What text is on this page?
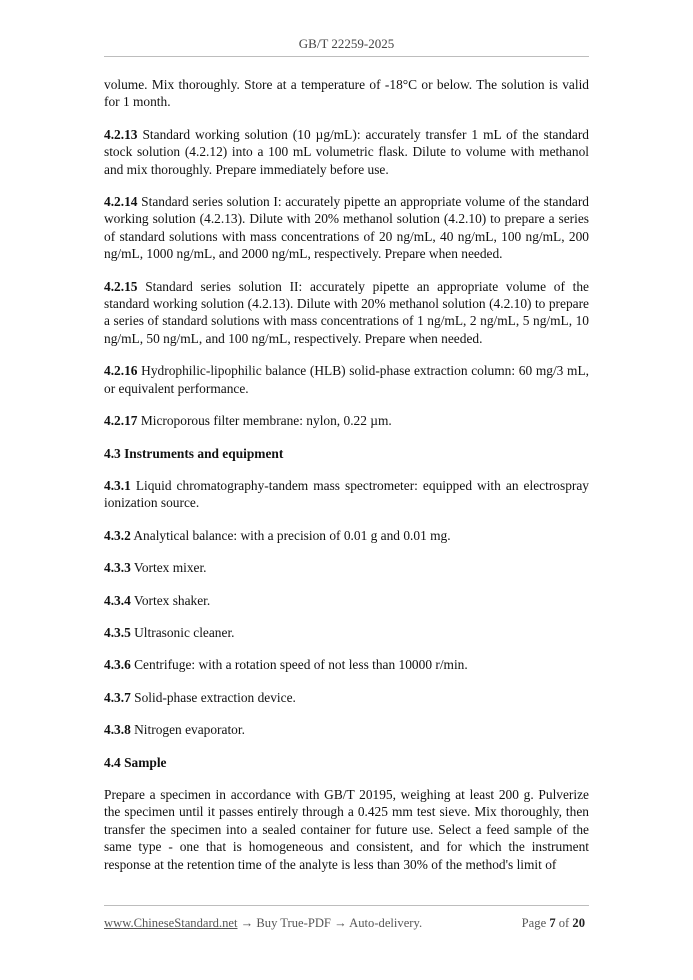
GB/T 22259-2025

volume. Mix thoroughly. Store at a temperature of -18°C or below. The solution is valid for 1 month.

4.2.13 Standard working solution (10 µg/mL): accurately transfer 1 mL of the standard stock solution (4.2.12) into a 100 mL volumetric flask. Dilute to volume with methanol and mix thoroughly. Prepare immediately before use.

4.2.14 Standard series solution I: accurately pipette an appropriate volume of the standard working solution (4.2.13). Dilute with 20% methanol solution (4.2.10) to prepare a series of standard solutions with mass concentrations of 20 ng/mL, 40 ng/mL, 100 ng/mL, 200 ng/mL, 1000 ng/mL, and 2000 ng/mL, respectively. Prepare when needed.

4.2.15 Standard series solution II: accurately pipette an appropriate volume of the standard working solution (4.2.13). Dilute with 20% methanol solution (4.2.10) to prepare a series of standard solutions with mass concentrations of 1 ng/mL, 2 ng/mL, 5 ng/mL, 10 ng/mL, 50 ng/mL, and 100 ng/mL, respectively. Prepare when needed.

4.2.16 Hydrophilic-lipophilic balance (HLB) solid-phase extraction column: 60 mg/3 mL, or equivalent performance.

4.2.17 Microporous filter membrane: nylon, 0.22 µm.

4.3 Instruments and equipment

4.3.1 Liquid chromatography-tandem mass spectrometer: equipped with an electrospray ionization source.

4.3.2 Analytical balance: with a precision of 0.01 g and 0.01 mg.

4.3.3 Vortex mixer.

4.3.4 Vortex shaker.

4.3.5 Ultrasonic cleaner.

4.3.6 Centrifuge: with a rotation speed of not less than 10000 r/min.

4.3.7 Solid-phase extraction device.

4.3.8 Nitrogen evaporator.

4.4 Sample

Prepare a specimen in accordance with GB/T 20195, weighing at least 200 g. Pulverize the specimen until it passes entirely through a 0.425 mm test sieve. Mix thoroughly, then transfer the specimen into a sealed container for future use. Select a feed sample of the same type - one that is homogeneous and consistent, and for which the instrument response at the retention time of the analyte is less than 30% of the method's limit of

www.ChineseStandard.net → Buy True-PDF → Auto-delivery.	Page 7 of 20
